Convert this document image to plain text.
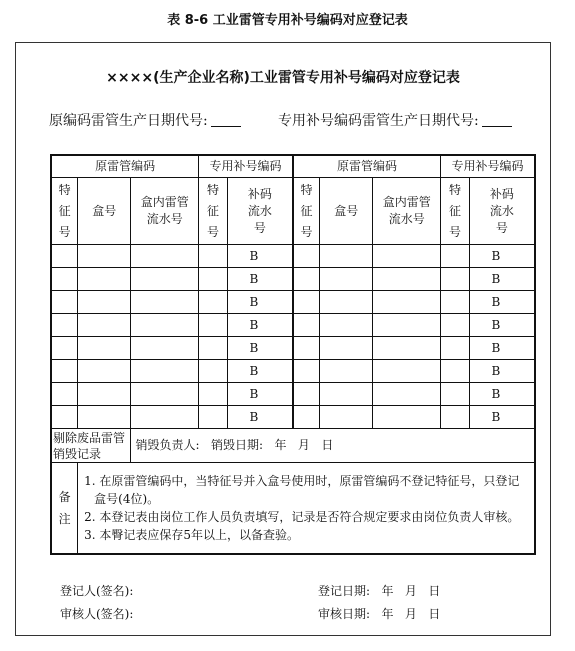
表 8-6 工业雷管专用补号编码对应登记表
××××(生产企业名称)工业雷管专用补号编码对应登记表
原编码雷管生产日期代号:	专用补号编码雷管生产日期代号:
原雷管编码			专用补号编码		原雷管编码			专用补号编码	
特征号	盒号	盒内雷管流水号	特征号	补码流水号	特征号	盒号	盒内雷管流水号	特征号	补码流水号
				B					B
				B					B
				B					B
				B					B
				B					B
				B					B
				B					B
				B					B
剔除废品雷管销毁记录		销毁负责人:   销毁日期:   年   月   日							
备注	1. 在原雷管编码中，当特征号并入盒号使用时，原雷管编码不登记特征号，只登记盒号(4位)。
2. 本登记表由岗位工作人员负责填写，记录是否符合规定要求由岗位负责人审核。
3. 本臀记表应保存5年以上，以备查验。								
登记人(签名):	登记日期:   年   月   日
审核人(签名):	审核日期:   年   月   日
